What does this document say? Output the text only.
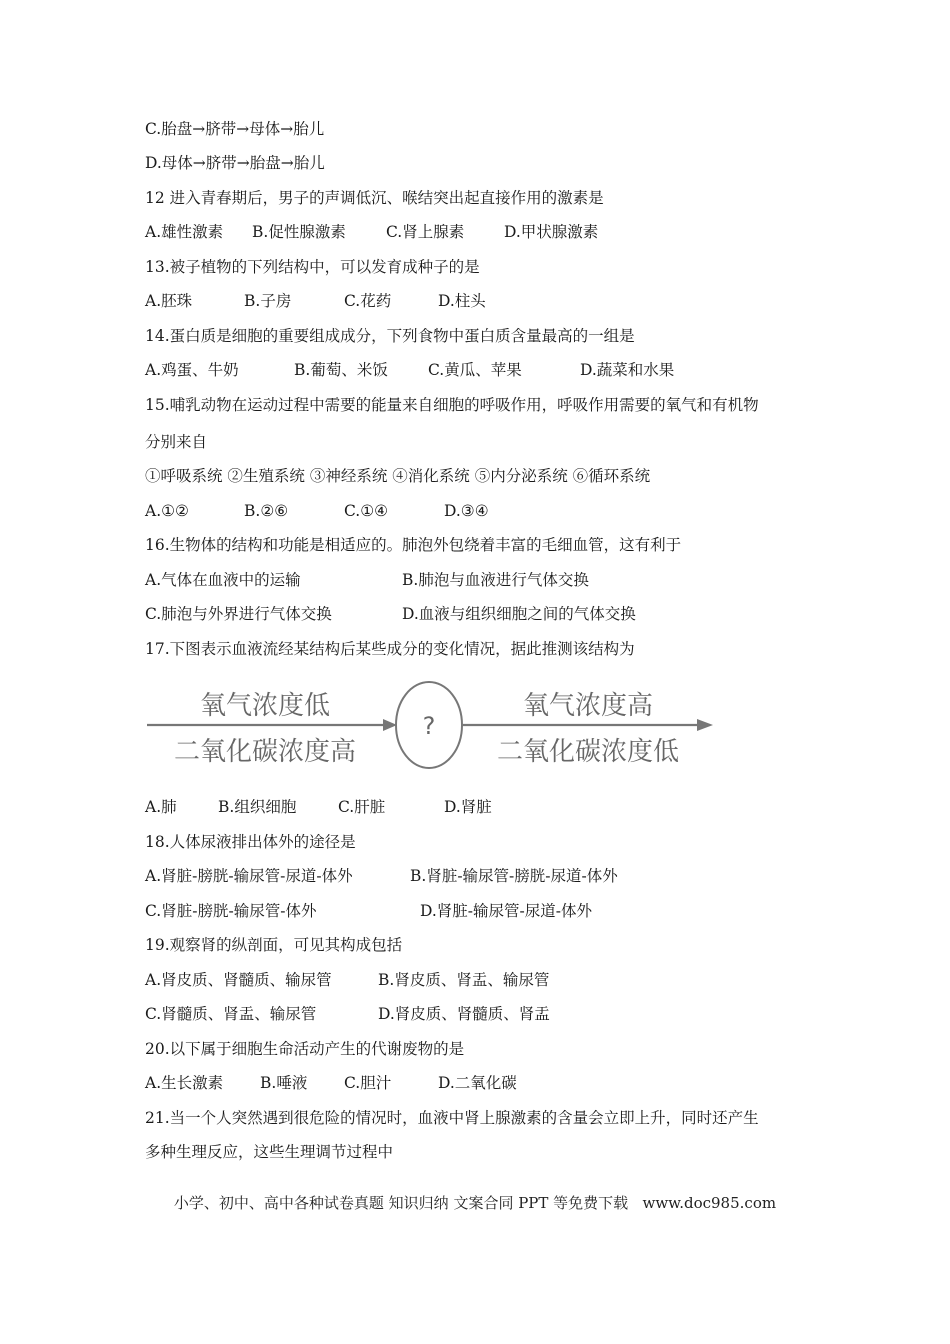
C.胎盘→脐带→母体→胎儿
D.母体→脐带→胎盘→胎儿
12 进入青春期后，男子的声调低沉、喉结突出起直接作用的激素是
A.雄性激素 B.促性腺激素	C.肾上腺素	D.甲状腺激素
13.被子植物的下列结构中，可以发育成种子的是
A.胚珠	B.子房	C.花药	D.柱头
14.蛋白质是细胞的重要组成成分，下列食物中蛋白质含量最高的一组是
A.鸡蛋、牛奶	B.葡萄、米饭	C.黄瓜、苹果	D.蔬菜和水果
15.哺乳动物在运动过程中需要的能量来自细胞的呼吸作用，呼吸作用需要的氧气和有机物
分别来自
①呼吸系统 ②生殖系统 ③神经系统 ④消化系统 ⑤内分泌系统 ⑥循环系统
A.①②	B.②⑥	C.①④	D.③④
16.生物体的结构和功能是相适应的。肺泡外包绕着丰富的毛细血管，这有利于
A.气体在血液中的运输	B.肺泡与血液进行气体交换
C.肺泡与外界进行气体交换	D.血液与组织细胞之间的气体交换
17.下图表示血液流经某结构后某些成分的变化情况，据此推测该结构为
氧气浓度低
二氧化碳浓度高
?
氧气浓度高
二氧化碳浓度低
A.肺	B.组织细胞	C.肝脏	D.肾脏
18.人体尿液排出体外的途径是
A.肾脏-膀胱-输尿管-尿道-体外	B.肾脏-输尿管-膀胱-尿道-体外
C.肾脏-膀胱-输尿管-体外	D.肾脏-输尿管-尿道-体外
19.观察肾的纵剖面，可见其构成包括
A.肾皮质、肾髓质、输尿管	B.肾皮质、肾盂、输尿管
C.肾髓质、肾盂、输尿管	D.肾皮质、肾髓质、肾盂
20.以下属于细胞生命活动产生的代谢废物的是
A.生长激素 B.唾液 C.胆汁	D.二氧化碳
21.当一个人突然遇到很危险的情况时，血液中肾上腺激素的含量会立即上升，同时还产生
多种生理反应，这些生理调节过程中
小学、初中、高中各种试卷真题 知识归纳 文案合同 PPT 等免费下载   www.doc985.com
